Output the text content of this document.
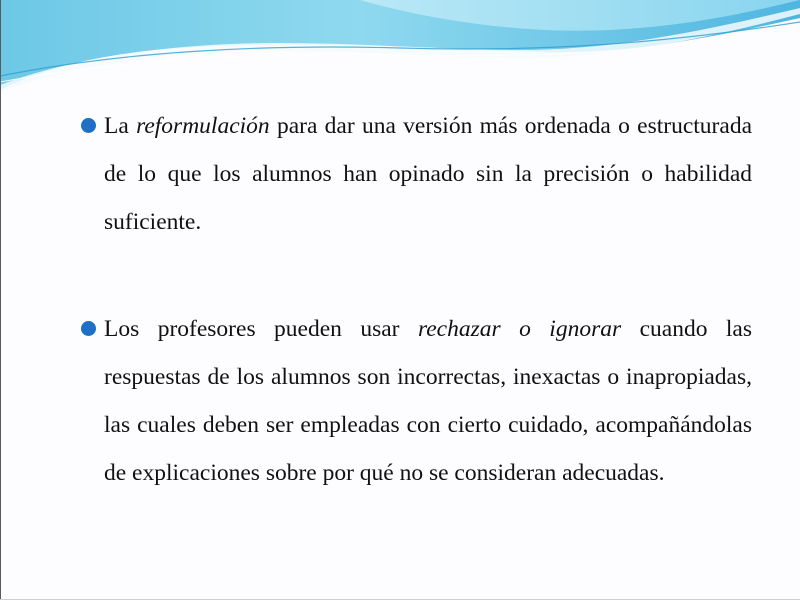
La reformulación para dar una versión más ordenada o estructurada de lo que los alumnos han opinado sin la precisión o habilidad suficiente.
Los profesores pueden usar rechazar o ignorar cuando las respuestas de los alumnos son incorrectas, inexactas o inapropiadas, las cuales deben ser empleadas con cierto cuidado, acompañándolas de explicaciones sobre por qué no se consideran adecuadas.
